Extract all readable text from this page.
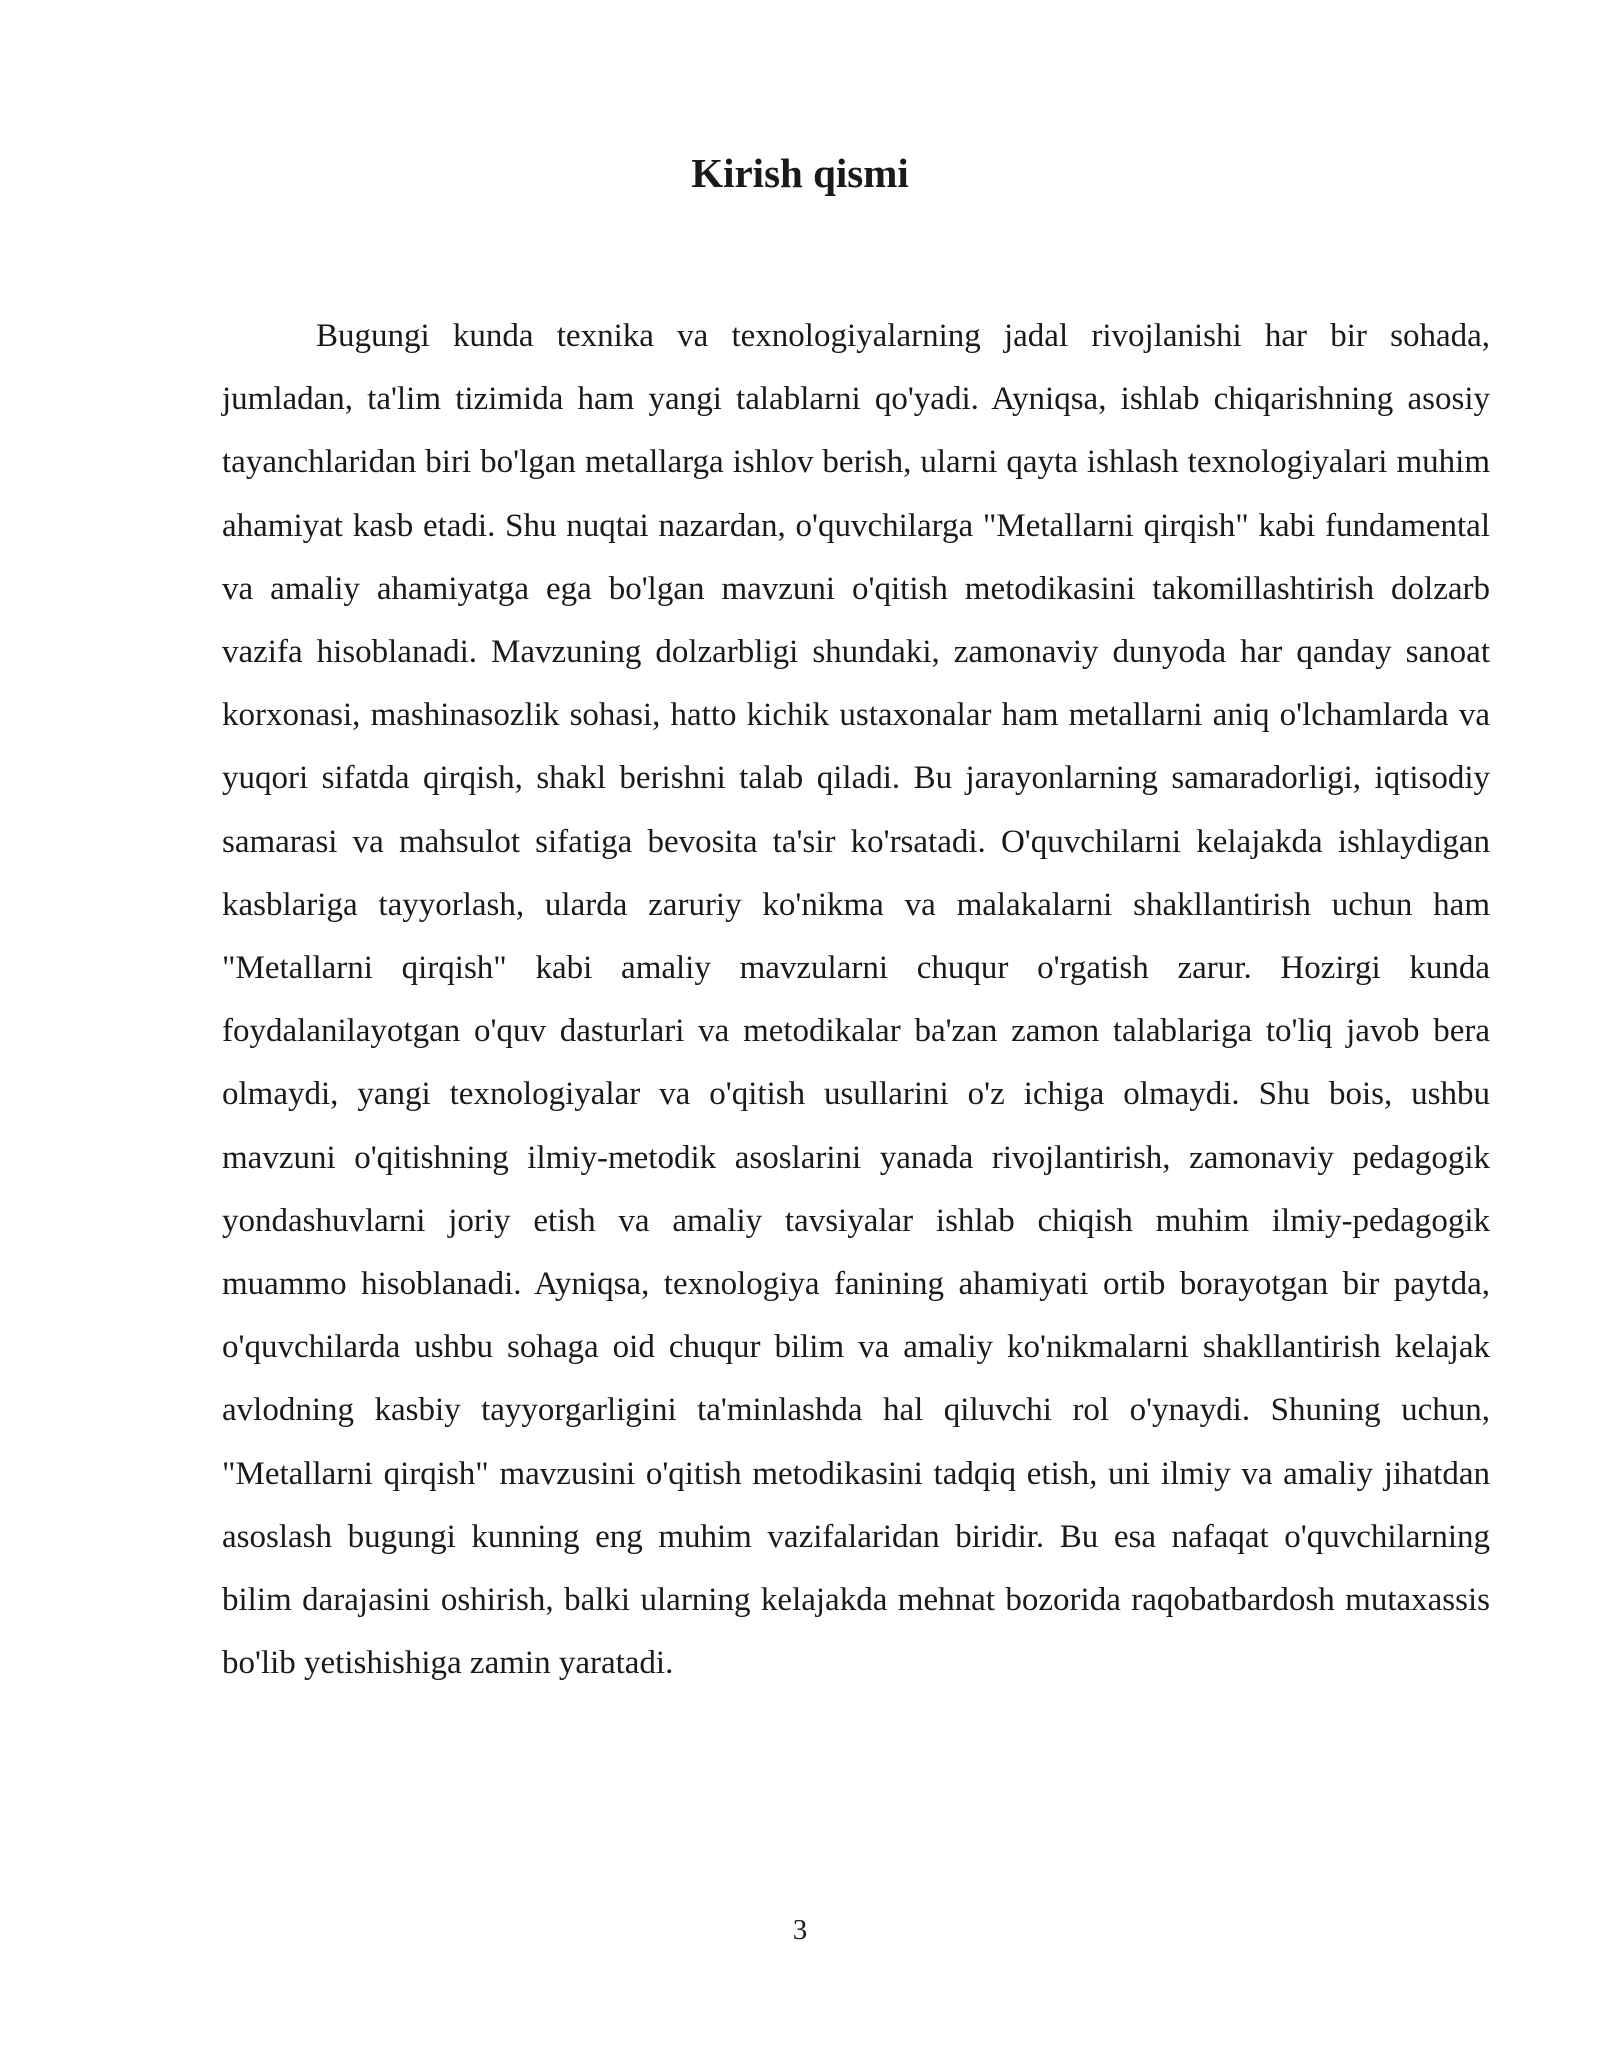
Kirish qismi

Bugungi kunda texnika va texnologiyalarning jadal rivojlanishi har bir sohada, jumladan, ta'lim tizimida ham yangi talablarni qo'yadi. Ayniqsa, ishlab chiqarishning asosiy tayanchlaridan biri bo'lgan metallarga ishlov berish, ularni qayta ishlash texnologiyalari muhim ahamiyat kasb etadi. Shu nuqtai nazardan, o'quvchilarga "Metallarni qirqish" kabi fundamental va amaliy ahamiyatga ega bo'lgan mavzuni o'qitish metodikasini takomillashtirish dolzarb vazifa hisoblanadi. Mavzuning dolzarbligi shundaki, zamonaviy dunyoda har qanday sanoat korxonasi, mashinasozlik sohasi, hatto kichik ustaxonalar ham metallarni aniq o'lchamlarda va yuqori sifatda qirqish, shakl berishni talab qiladi. Bu jarayonlarning samaradorligi, iqtisodiy samarasi va mahsulot sifatiga bevosita ta'sir ko'rsatadi. O'quvchilarni kelajakda ishlaydigan kasblariga tayyorlash, ularda zaruriy ko'nikma va malakalarni shakllantirish uchun ham "Metallarni qirqish" kabi amaliy mavzularni chuqur o'rgatish zarur. Hozirgi kunda foydalanilayotgan o'quv dasturlari va metodikalar ba'zan zamon talablariga to'liq javob bera olmaydi, yangi texnologiyalar va o'qitish usullarini o'z ichiga olmaydi. Shu bois, ushbu mavzuni o'qitishning ilmiy-metodik asoslarini yanada rivojlantirish, zamonaviy pedagogik yondashuvlarni joriy etish va amaliy tavsiyalar ishlab chiqish muhim ilmiy-pedagogik muammo hisoblanadi. Ayniqsa, texnologiya fanining ahamiyati ortib borayotgan bir paytda, o'quvchilarda ushbu sohaga oid chuqur bilim va amaliy ko'nikmalarni shakllantirish kelajak avlodning kasbiy tayyorgarligini ta'minlashda hal qiluvchi rol o'ynaydi. Shuning uchun, "Metallarni qirqish" mavzusini o'qitish metodikasini tadqiq etish, uni ilmiy va amaliy jihatdan asoslash bugungi kunning eng muhim vazifalaridan biridir. Bu esa nafaqat o'quvchilarning bilim darajasini oshirish, balki ularning kelajakda mehnat bozorida raqobatbardosh mutaxassis bo'lib yetishishiga zamin yaratadi.

3
